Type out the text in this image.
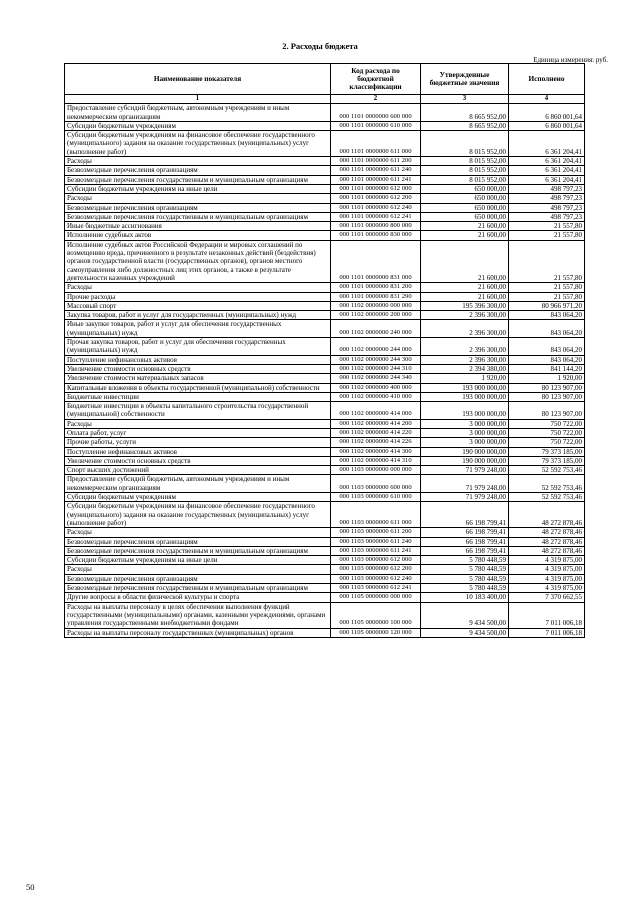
2. Расходы бюджета
Единица измерения: руб.
Наименование показателя	Код расхода по бюджетной классификации	Утвержденные бюджетные значения	Исполнено
1	2	3	4
Предоставление субсидий бюджетным, автономным учреждениям и иным некоммерческим организациям	000 1101 0000000 600 000	8 665 952,00	6 860 001,64
Субсидии бюджетным учреждениям	000 1101 0000000 610 000	8 665 952,00	6 860 001,64
Субсидии бюджетным учреждениям на финансовое обеспечение государственного (муниципального) задания на оказание государственных (муниципальных) услуг (выполнение работ)	000 1101 0000000 611 000	8 015 952,00	6 361 204,41
Расходы	000 1101 0000000 611 200	8 015 952,00	6 361 204,41
Безвозмездные перечисления организациям	000 1101 0000000 611 240	8 015 952,00	6 361 204,41
Безвозмездные перечисления государственным и муниципальным организациям	000 1101 0000000 611 241	8 015 952,00	6 361 204,41
Субсидии бюджетным учреждениям на иные цели	000 1101 0000000 612 000	650 000,00	498 797,23
Расходы	000 1101 0000000 612 200	650 000,00	498 797,23
Безвозмездные перечисления организациям	000 1101 0000000 612 240	650 000,00	498 797,23
Безвозмездные перечисления государственным и муниципальным организациям	000 1101 0000000 612 241	650 000,00	498 797,23
Иные бюджетные ассигнования	000 1101 0000000 800 000	21 600,00	21 557,80
Исполнение судебных актов	000 1101 0000000 830 000	21 600,00	21 557,80
Исполнение судебных актов Российской Федерации и мировых соглашений по возмещению вреда, причиненного в результате незаконных действий (бездействия) органов государственной власти (государственных органов), органов местного самоуправления либо должностных лиц этих органов, а также в результате деятельности казенных учреждений	000 1101 0000000 831 000	21 600,00	21 557,80
Расходы	000 1101 0000000 831 200	21 600,00	21 557,80
Прочие расходы	000 1101 0000000 831 290	21 600,00	21 557,80
Массовый спорт	000 1102 0000000 000 000	195 396 300,00	80 966 971,20
Закупка товаров, работ и услуг для государственных (муниципальных) нужд	000 1102 0000000 200 000	2 396 300,00	843 064,20
Иные закупки товаров, работ и услуг для обеспечения государственных (муниципальных) нужд	000 1102 0000000 240 000	2 396 300,00	843 064,20
Прочая закупка товаров, работ и услуг для обеспечения государственных (муниципальных) нужд	000 1102 0000000 244 000	2 396 300,00	843 064,20
Поступление нефинансовых активов	000 1102 0000000 244 300	2 396 300,00	843 064,20
Увеличение стоимости основных средств	000 1102 0000000 244 310	2 394 380,00	841 144,20
Увеличение стоимости материальных запасов	000 1102 0000000 244 340	1 920,00	1 920,00
Капитальные вложения в объекты государственной (муниципальной) собственности	000 1102 0000000 400 000	193 000 000,00	80 123 907,00
Бюджетные инвестиции	000 1102 0000000 410 000	193 000 000,00	80 123 907,00
Бюджетные инвестиции в объекты капитального строительства государственной (муниципальной) собственности	000 1102 0000000 414 000	193 000 000,00	80 123 907,00
Расходы	000 1102 0000000 414 200	3 000 000,00	750 722,00
Оплата работ, услуг	000 1102 0000000 414 220	3 000 000,00	750 722,00
Прочие работы, услуги	000 1102 0000000 414 226	3 000 000,00	750 722,00
Поступление нефинансовых активов	000 1102 0000000 414 300	190 000 000,00	79 373 185,00
Увеличение стоимости основных средств	000 1102 0000000 414 310	190 000 000,00	79 373 185,00
Спорт высших достижений	000 1103 0000000 000 000	71 979 248,00	52 592 753,46
Предоставление субсидий бюджетным, автономным учреждениям и иным некоммерческим организациям	000 1103 0000000 600 000	71 979 248,00	52 592 753,46
Субсидии бюджетным учреждениям	000 1103 0000000 610 000	71 979 248,00	52 592 753,46
Субсидии бюджетным учреждениям на финансовое обеспечение государственного (муниципального) задания на оказание государственных (муниципальных) услуг (выполнение работ)	000 1103 0000000 611 000	66 198 799,41	48 272 878,46
Расходы	000 1103 0000000 611 200	66 198 799,41	48 272 878,46
Безвозмездные перечисления организациям	000 1103 0000000 611 240	66 198 799,41	48 272 878,46
Безвозмездные перечисления государственным и муниципальным организациям	000 1103 0000000 611 241	66 198 799,41	48 272 878,46
Субсидии бюджетным учреждениям на иные цели	000 1103 0000000 612 000	5 780 448,59	4 319 875,00
Расходы	000 1103 0000000 612 200	5 780 448,59	4 319 875,00
Безвозмездные перечисления организациям	000 1103 0000000 612 240	5 780 448,59	4 319 875,00
Безвозмездные перечисления государственным и муниципальным организациям	000 1103 0000000 612 241	5 780 448,59	4 319 875,00
Другие вопросы в области физической культуры и спорта	000 1105 0000000 000 000	10 183 400,00	7 370 662,55
Расходы на выплаты персоналу в целях обеспечения выполнения функций государственными (муниципальными) органами, казенными учреждениями, органами управления государственными внебюджетными фондами	000 1105 0000000 100 000	9 434 500,00	7 011 006,18
Расходы на выплаты персоналу государственных (муниципальных) органов	000 1105 0000000 120 000	9 434 500,00	7 011 006,18
50
